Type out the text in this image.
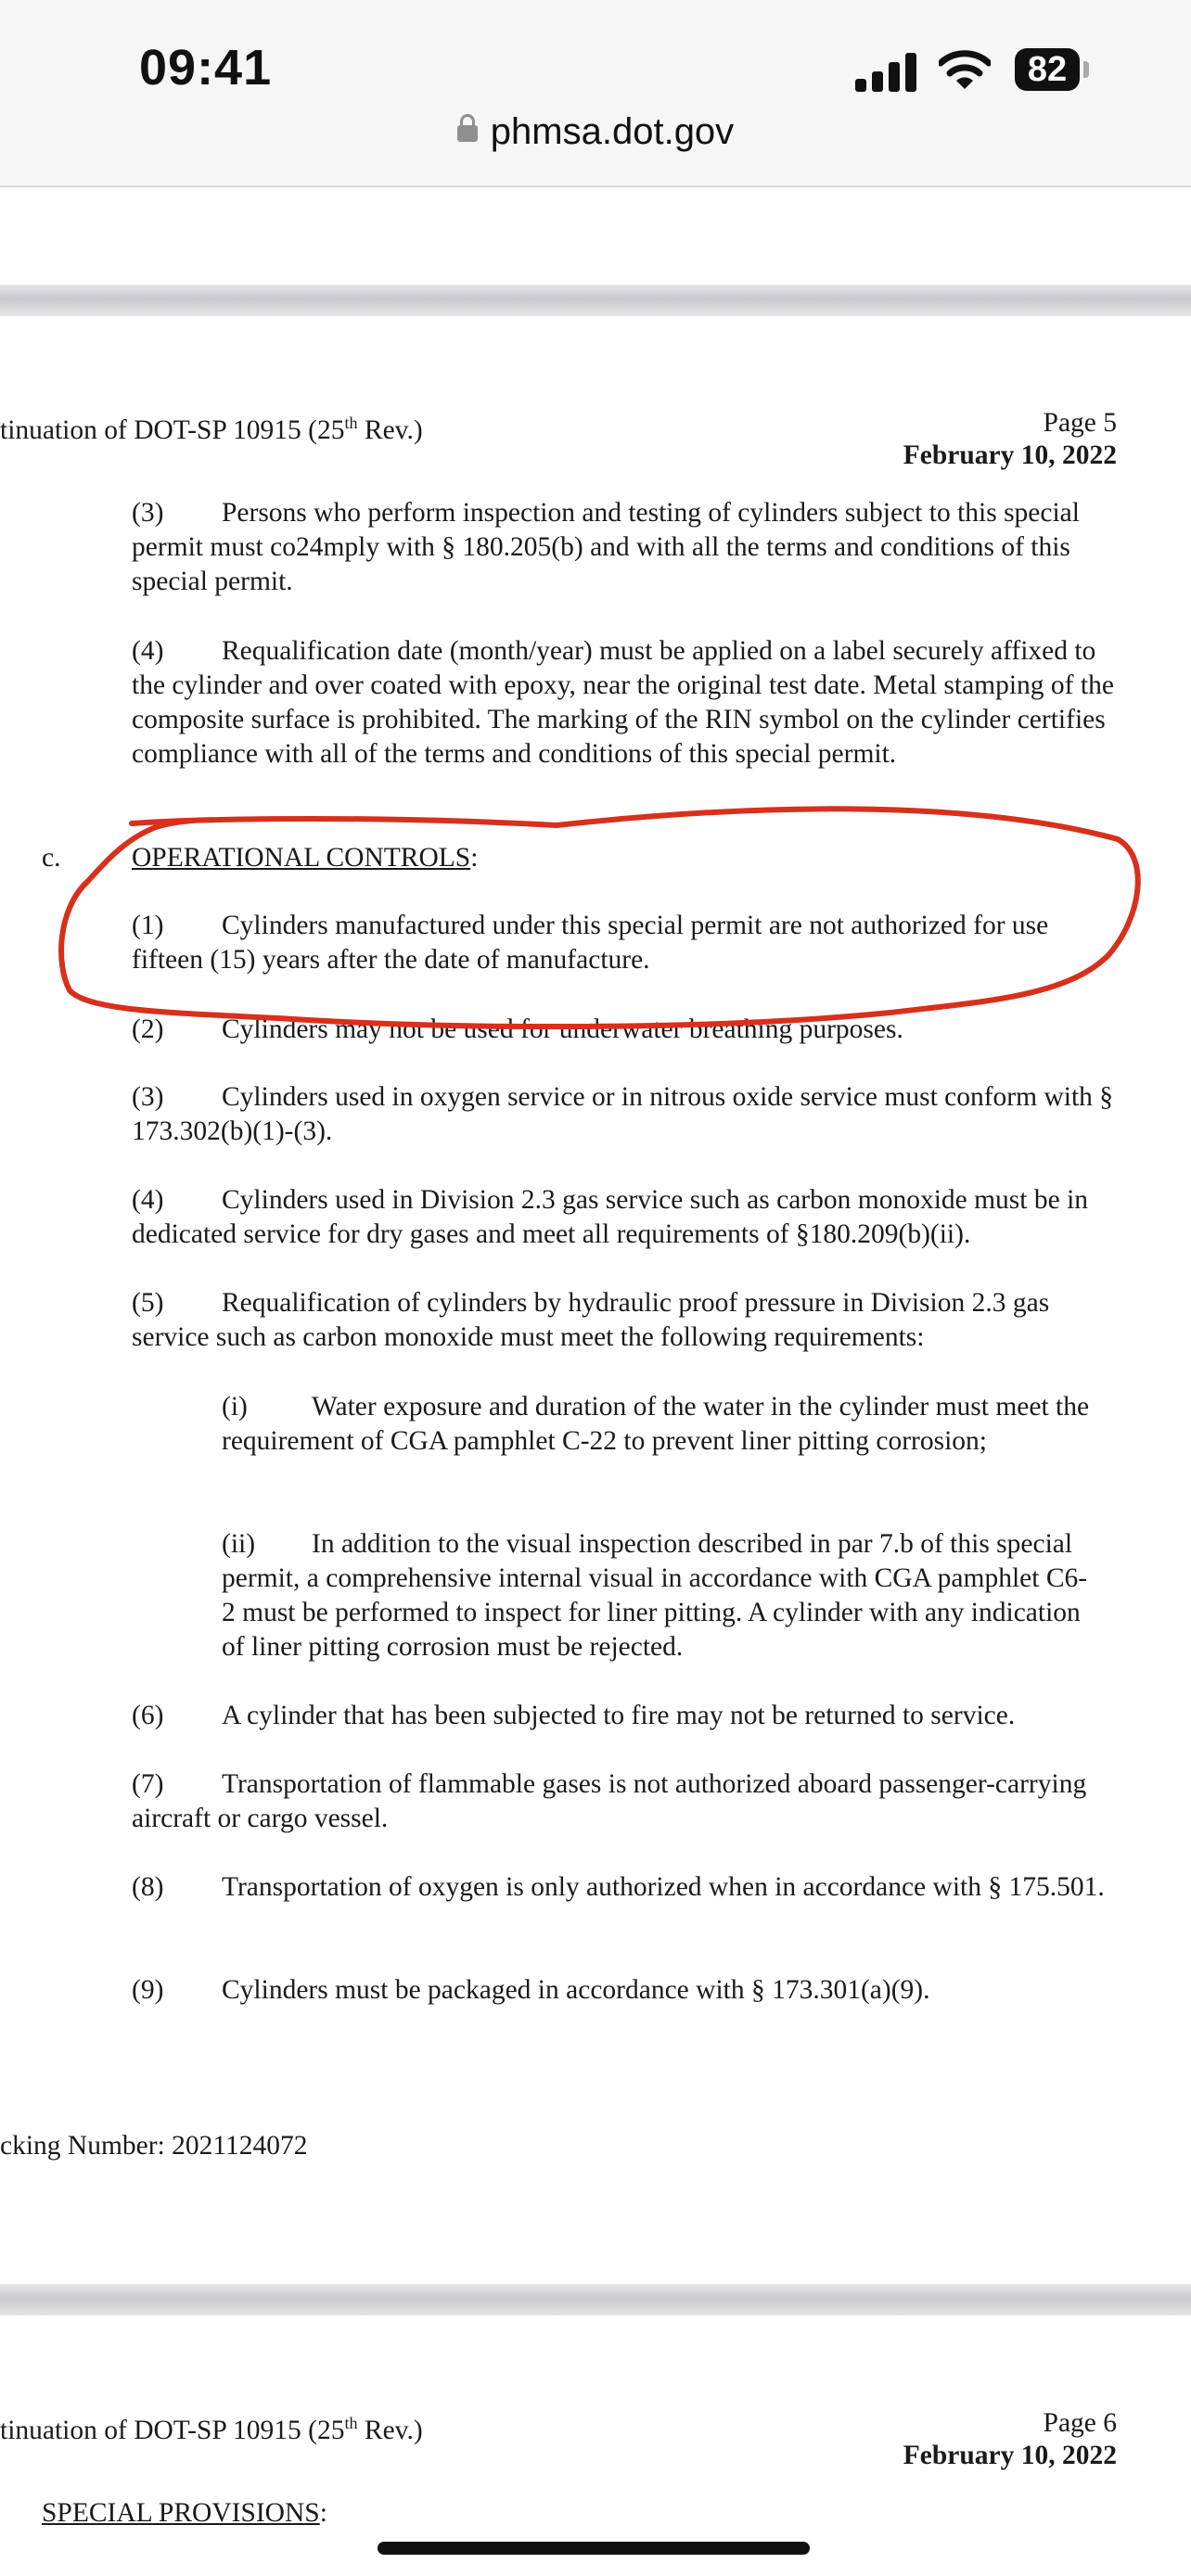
09:41	82
phmsa.dot.gov
tinuation of DOT-SP 10915 (25th Rev.)	Page 5
February 10, 2022
(3) Persons who perform inspection and testing of cylinders subject to this special permit must co24mply with § 180.205(b) and with all the terms and conditions of this special permit.
(4) Requalification date (month/year) must be applied on a label securely affixed to the cylinder and over coated with epoxy, near the original test date. Metal stamping of the composite surface is prohibited. The marking of the RIN symbol on the cylinder certifies compliance with all of the terms and conditions of this special permit.
c.	OPERATIONAL CONTROLS:
(1) Cylinders manufactured under this special permit are not authorized for use fifteen (15) years after the date of manufacture.
(2) Cylinders may not be used for underwater breathing purposes.
(3) Cylinders used in oxygen service or in nitrous oxide service must conform with § 173.302(b)(1)-(3).
(4) Cylinders used in Division 2.3 gas service such as carbon monoxide must be in dedicated service for dry gases and meet all requirements of §180.209(b)(ii).
(5) Requalification of cylinders by hydraulic proof pressure in Division 2.3 gas service such as carbon monoxide must meet the following requirements:
(i) Water exposure and duration of the water in the cylinder must meet the requirement of CGA pamphlet C-22 to prevent liner pitting corrosion;
(ii) In addition to the visual inspection described in par 7.b of this special permit, a comprehensive internal visual in accordance with CGA pamphlet C6-2 must be performed to inspect for liner pitting. A cylinder with any indication of liner pitting corrosion must be rejected.
(6) A cylinder that has been subjected to fire may not be returned to service.
(7) Transportation of flammable gases is not authorized aboard passenger-carrying aircraft or cargo vessel.
(8) Transportation of oxygen is only authorized when in accordance with § 175.501.
(9) Cylinders must be packaged in accordance with § 173.301(a)(9).
cking Number: 2021124072
tinuation of DOT-SP 10915 (25th Rev.)	Page 6
February 10, 2022
SPECIAL PROVISIONS:
